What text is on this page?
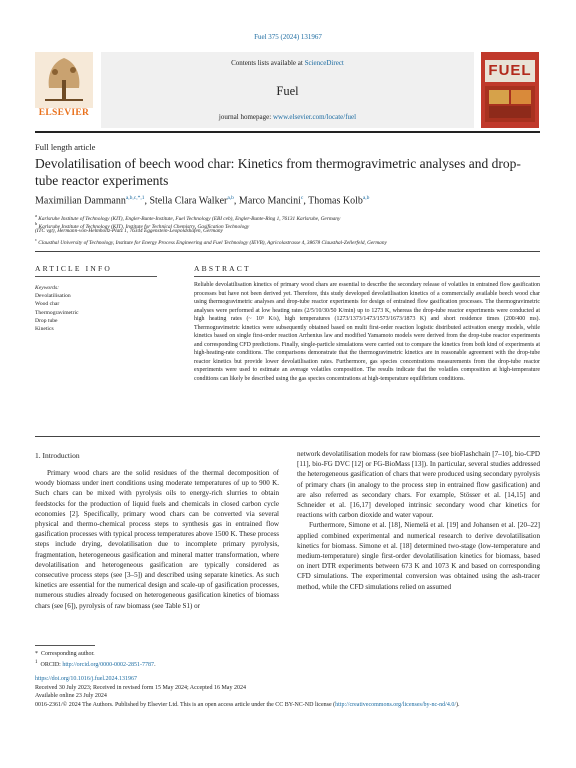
Fuel 375 (2024) 131967
ELSEVIER
Contents lists available at ScienceDirect
Fuel
journal homepage: www.elsevier.com/locate/fuel
FUEL
Full length article
Devolatilisation of beech wood char: Kinetics from thermogravimetric analyses and drop-tube reactor experiments
Maximilian Dammann$^{a,b,c,*,1}$, Stella Clara Walker$^{a,b}$, Marco Mancini$^c$, Thomas Kolb$^{a,b}$
$^a$ Karlsruhe Institute of Technology (KIT), Engler-Bunte-Institute, Fuel Technology (EBI ceb), Engler-Bunte-Ring 1, 76131 Karlsruhe, Germany
$^b$ Karlsruhe Institute of Technology (KIT), Institute for Technical Chemistry, Gasification Technology
(ITC vgt), Hermann-von-Helmholtz-Platz 1, 76344 Eggenstein-Leopoldshafen, Germany
$^c$ Clausthal University of Technology, Institute for Energy Process Engineering and Fuel Technology (IEVB), Agricolastrasse 4, 38678 Clausthal-Zellerfeld, Germany
ARTICLE INFO
Keywords:
Devolatilisation
Wood char
Thermogravimetric
Drop tube
Kinetics
ABSTRACT
Reliable devolatilisation kinetics of primary wood chars are essential to describe the secondary release of volatiles in entrained flow gasification processes but have not been derived yet. Therefore, this study developed devolatilisation kinetics of a commercially available beech wood char using thermogravimetric analyses and drop-tube reactor experiments for design of entrained flow gasification processes. The thermogravimetric analyses were performed at low heating rates (2/5/10/30/50 K/min) up to 1273 K, whereas the drop-tube reactor experiments were conducted at high heating rates (~ 10⁵ K/s), high temperatures (1273/1373/1473/1573/1673/1873 K) and short residence times (200/400 ms). Thermogravimetric kinetics were subsequently obtained based on multi first-order reaction logistic distributed activation energy models, while kinetics based on single first-order reaction Arrhenius law and modified Yamamoto models were derived from the drop-tube reactor experiments and corresponding CFD predictions. Finally, single-particle simulations were carried out to compare the kinetics from both kind of experiments at high-heating-rate conditions. The comparisons demonstrate that the thermogravimetric kinetics are in reasonable agreement with the drop-tube reactor kinetics but provide lower devolatilisation rates. Furthermore, gas species concentrations measurements from the drop-tube reactor experiments were used to estimate an average volatiles composition. The results indicate that the volatiles composition at high-temperature conditions can likely be described using the gas species concentrations at high-temperature equilibrium conditions.
1. Introduction

Primary wood chars are the solid residues of the thermal decomposition of woody biomass under inert conditions using moderate temperatures of up to 900 K. Such chars can be mixed with pyrolysis oils to energy-rich slurries to obtain feedstocks for the production of liquid fuels and chemicals in closed carbon cycle economies [2]. Specifically, primary wood chars can be converted via several physical and thermo-chemical process steps to synthesis gas in entrained flow gasification processes with typical process temperatures above 1500 K. These process steps include drying, devolatilisation due to incomplete primary pyrolysis, fragmentation, heterogeneous gasification and mineral matter transformation, where devolatilisation and heterogeneous gasification are typically considered as consecutive process steps (see [3–5]) and described using separate kinetics. As such kinetics are essential for the numerical design and scale-up of gasification processes, numerous studies already focused on heterogeneous gasification kinetics of biomass chars (see [6]), pyrolysis of raw biomass (see Table S1) or

network devolatilisation models for raw biomass (see bioFlashchain [7–10], bio-CPD [11], bio-FG DVC [12] or FG-BioMass [13]). In particular, several studies addressed the heterogeneous gasification of chars that were produced using secondary pyrolysis of primary chars (in analogy to the process step in entrained flow gasification) and are also referred as secondary chars. For example, Stösser et al. [14,15] and Schneider et al. [16,17] developed intrinsic secondary wood char kinetics for reactions with carbon dioxide and water vapour.

Furthermore, Simone et al. [18], Niemelä et al. [19] and Johansen et al. [20–22] applied combined experimental and numerical research to derive devolatilisation kinetics for biomass. Simone et al. [18] determined two-stage (low-temperature and medium-temperature) single first-order devolatilisation kinetics for biomass, based on inert DTR experiments between 673 K and 1073 K and based on corresponding CFD simulations. The experimental conversion was obtained using the ash-tracer method, while the CFD simulations relied on assumed

* Corresponding author.
$^1$ ORCID: http://orcid.org/0000-0002-2851-7787.
https://doi.org/10.1016/j.fuel.2024.131967
Received 30 July 2023; Received in revised form 15 May 2024; Accepted 16 May 2024
Available online 23 July 2024
0016-2361/© 2024 The Authors. Published by Elsevier Ltd. This is an open access article under the CC BY-NC-ND license (http://creativecommons.org/licenses/by-nc-nd/4.0/).
